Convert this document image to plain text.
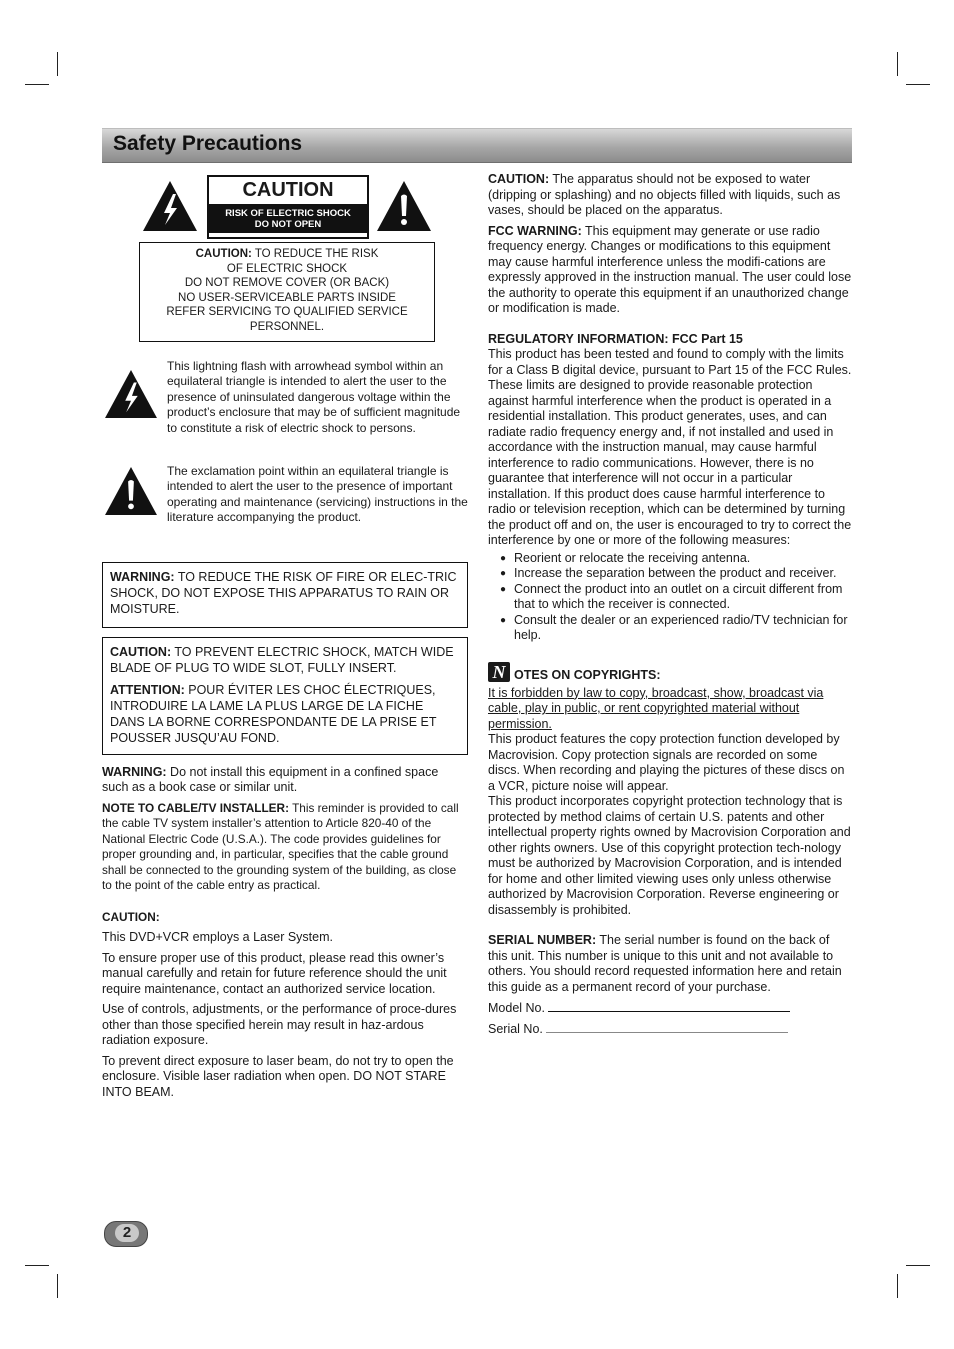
Safety Precautions
CAUTION
RISK OF ELECTRIC SHOCK
DO NOT OPEN
CAUTION: TO REDUCE THE RISK
OF ELECTRIC SHOCK
DO NOT REMOVE COVER (OR BACK)
NO USER-SERVICEABLE PARTS INSIDE
REFER SERVICING TO QUALIFIED SERVICE
PERSONNEL.
This lightning flash with arrowhead symbol within an equilateral triangle is intended to alert the user to the presence of uninsulated dangerous voltage within the product’s enclosure that may be of sufficient magnitude to constitute a risk of electric shock to persons.
The exclamation point within an equilateral triangle is intended to alert the user to the presence of important operating and maintenance (servicing) instructions in the literature accompanying the product.

WARNING: TO REDUCE THE RISK OF FIRE OR ELEC-TRIC SHOCK, DO NOT EXPOSE THIS APPARATUS TO RAIN OR MOISTURE.

CAUTION: TO PREVENT ELECTRIC SHOCK, MATCH WIDE BLADE OF PLUG TO WIDE SLOT, FULLY INSERT.

ATTENTION: POUR ÉVITER LES CHOC ÉLECTRIQUES, INTRODUIRE LA LAME LA PLUS LARGE DE LA FICHE DANS LA BORNE CORRESPONDANTE DE LA PRISE ET POUSSER JUSQU’AU FOND.

WARNING: Do not install this equipment in a confined space such as a book case or similar unit.

NOTE TO CABLE/TV INSTALLER: This reminder is provided to call the cable TV system installer’s attention to Article 820-40 of the National Electric Code (U.S.A.). The code provides guidelines for proper grounding and, in particular, specifies that the cable ground shall be connected to the grounding system of the building, as close to the point of the cable entry as practical.

CAUTION:

This DVD+VCR employs a Laser System.

To ensure proper use of this product, please read this owner’s manual carefully and retain for future reference should the unit require maintenance, contact an authorized service location.

Use of controls, adjustments, or the performance of proce-dures other than those specified herein may result in haz-ardous radiation exposure.

To prevent direct exposure to laser beam, do not try to open the enclosure. Visible laser radiation when open. DO NOT STARE INTO BEAM.

CAUTION: The apparatus should not be exposed to water (dripping or splashing) and no objects filled with liquids, such as vases, should be placed on the apparatus.

FCC WARNING: This equipment may generate or use radio frequency energy. Changes or modifications to this equipment may cause harmful interference unless the modifi-cations are expressly approved in the instruction manual. The user could lose the authority to operate this equipment if an unauthorized change or modification is made.

REGULATORY INFORMATION: FCC Part 15

This product has been tested and found to comply with the limits for a Class B digital device, pursuant to Part 15 of the FCC Rules. These limits are designed to provide reasonable protection against harmful interference when the product is operated in a residential installation. This product generates, uses, and can radiate radio frequency energy and, if not installed and used in accordance with the instruction manual, may cause harmful interference to radio communications. However, there is no guarantee that interference will not occur in a particular installation. If this product does cause harmful interference to radio or television reception, which can be determined by turning the product off and on, the user is encouraged to try to correct the interference by one or more of the following measures:

● Reorient or relocate the receiving antenna.
● Increase the separation between the product and receiver.
● Connect the product into an outlet on a circuit different from that to which the receiver is connected.
● Consult the dealer or an experienced radio/TV technician for help.
N OTES ON COPYRIGHTS:

It is forbidden by law to copy, broadcast, show, broadcast via cable, play in public, or rent copyrighted material without permission.

This product features the copy protection function developed by Macrovision. Copy protection signals are recorded on some discs. When recording and playing the pictures of these discs on a VCR, picture noise will appear.

This product incorporates copyright protection technology that is protected by method claims of certain U.S. patents and other intellectual property rights owned by Macrovision Corporation and other rights owners. Use of this copyright protection tech-nology must be authorized by Macrovision Corporation, and is intended for home and other limited viewing uses only unless otherwise authorized by Macrovision Corporation. Reverse engineering or disassembly is prohibited.

SERIAL NUMBER: The serial number is found on the back of this unit. This number is unique to this unit and not available to others. You should record requested information here and retain this guide as a permanent record of your purchase.

Model No.

Serial No.

2
